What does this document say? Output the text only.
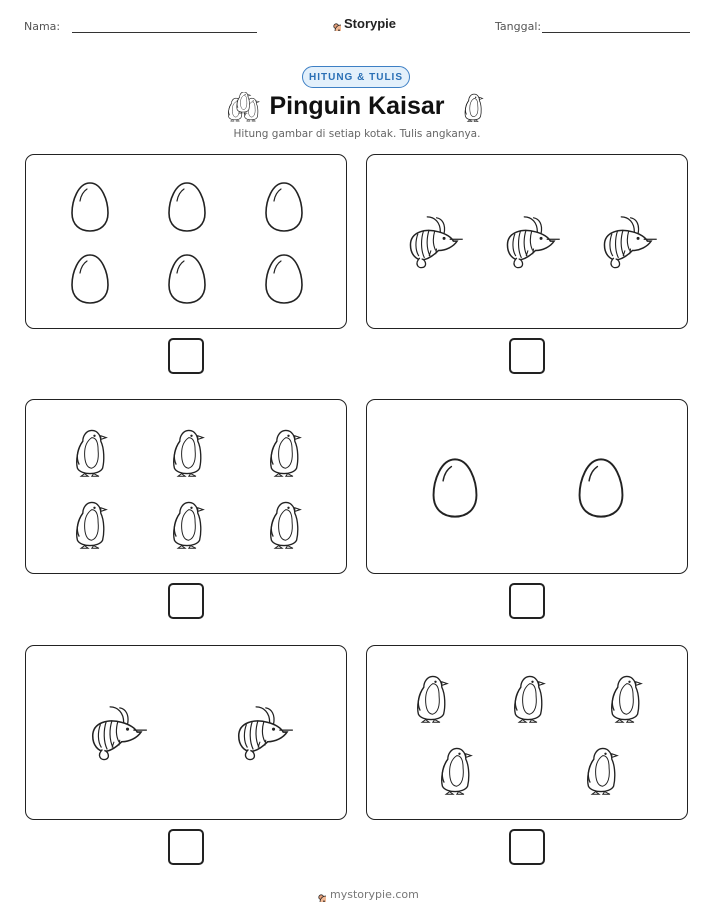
Nama:	Storypie	Tanggal:
HITUNG & TULIS
Pinguin Kaisar
Hitung gambar di setiap kotak. Tulis angkanya.
mystorypie.com
